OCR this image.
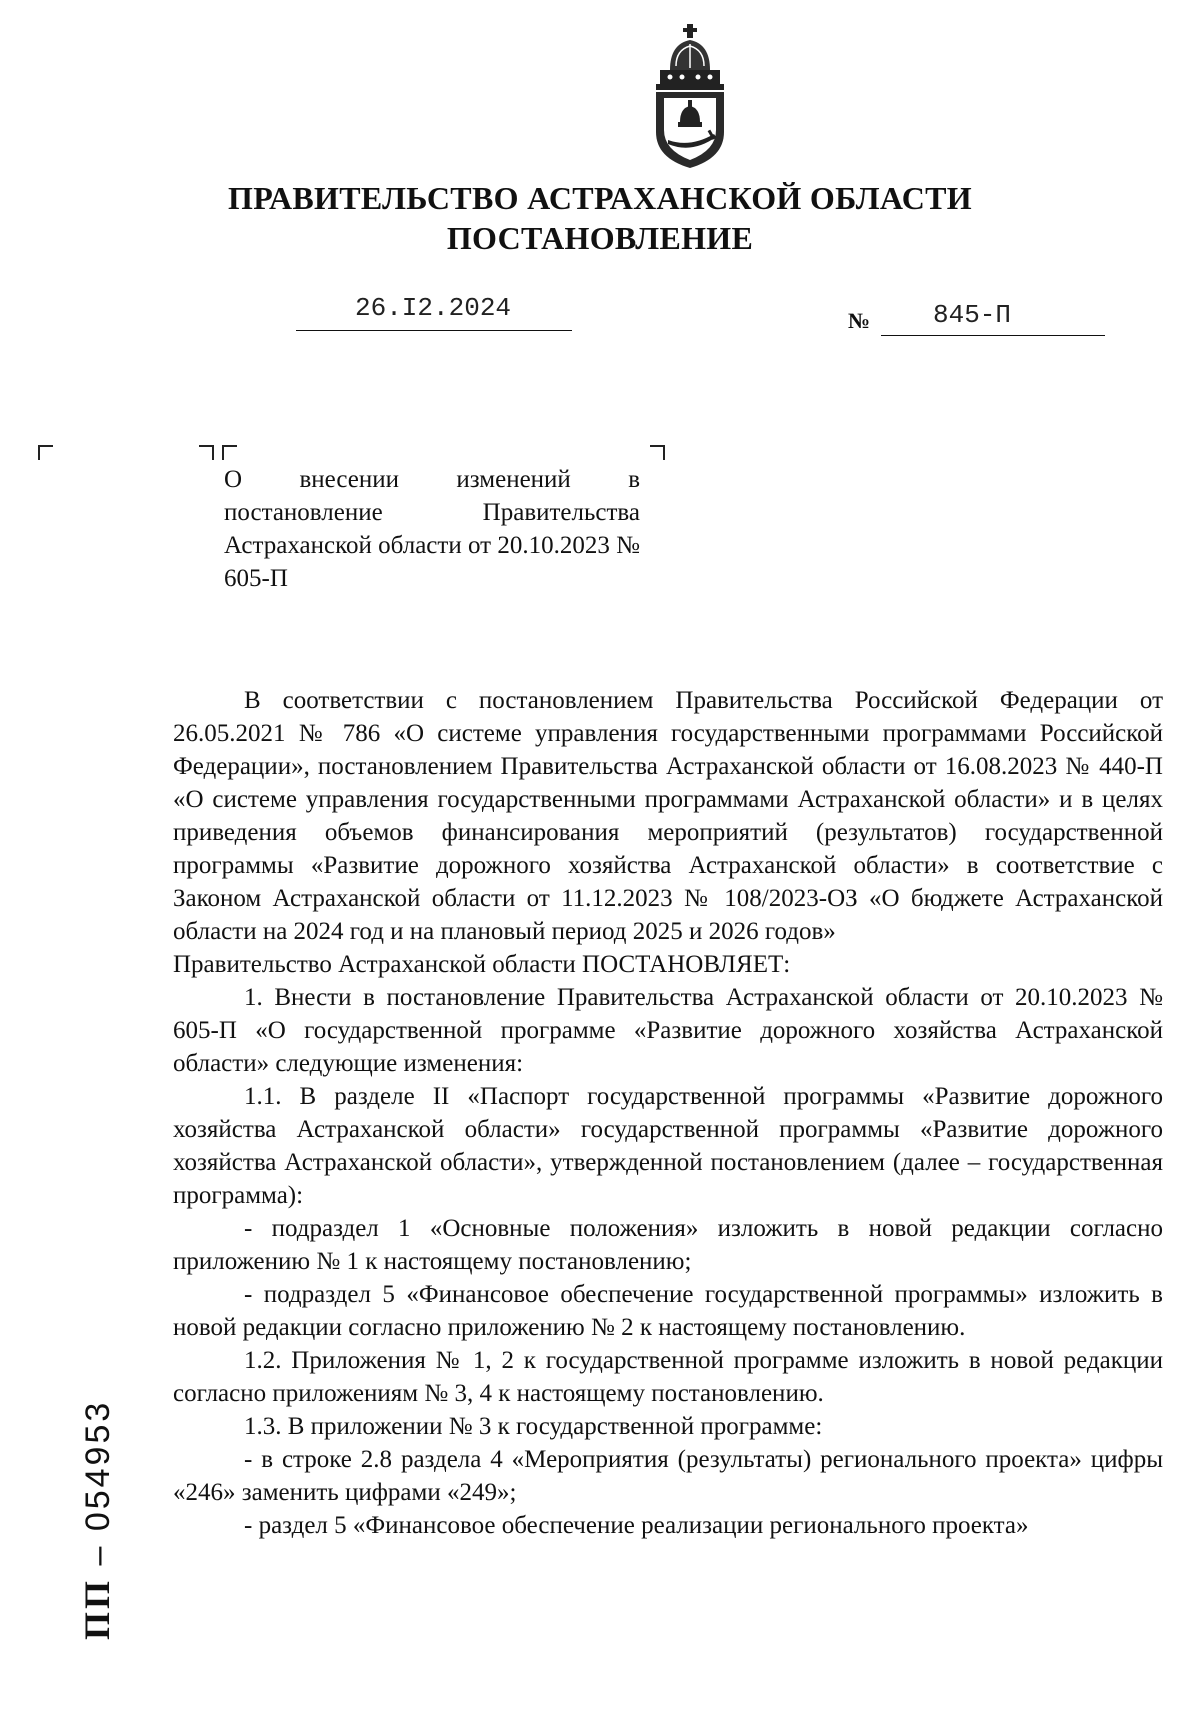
ПРАВИТЕЛЬСТВО АСТРАХАНСКОЙ ОБЛАСТИ
ПОСТАНОВЛЕНИЕ
26.I2.2024	№ 845-П
О внесении изменений в постановление Правительства Астраханской области от 20.10.2023 № 605-П

В соответствии с постановлением Правительства Российской Федерации от 26.05.2021 № 786 «О системе управления государственными программами Российской Федерации», постановлением Правительства Астраханской области от 16.08.2023 № 440-П «О системе управления государственными программами Астраханской области» и в целях приведения объемов финансирования мероприятий (результатов) государственной программы «Развитие дорожного хозяйства Астраханской области» в соответствие с Законом Астраханской области от 11.12.2023 № 108/2023-ОЗ «О бюджете Астраханской области на 2024 год и на плановый период 2025 и 2026 годов»

Правительство Астраханской области ПОСТАНОВЛЯЕТ:

1. Внести в постановление Правительства Астраханской области от 20.10.2023 № 605-П «О государственной программе «Развитие дорожного хозяйства Астраханской области» следующие изменения:

1.1. В разделе II «Паспорт государственной программы «Развитие дорожного хозяйства Астраханской области» государственной программы «Развитие дорожного хозяйства Астраханской области», утвержденной постановлением (далее – государственная программа):

- подраздел 1 «Основные положения» изложить в новой редакции согласно приложению № 1 к настоящему постановлению;

- подраздел 5 «Финансовое обеспечение государственной программы» изложить в новой редакции согласно приложению № 2 к настоящему постановлению.

1.2. Приложения № 1, 2 к государственной программе изложить в новой редакции согласно приложениям № 3, 4 к настоящему постановлению.

1.3. В приложении № 3 к государственной программе:

- в строке 2.8 раздела 4 «Мероприятия (результаты) регионального проекта» цифры «246» заменить цифрами «249»;

- раздел 5 «Финансовое обеспечение реализации регионального проекта»

ПП – 054953
